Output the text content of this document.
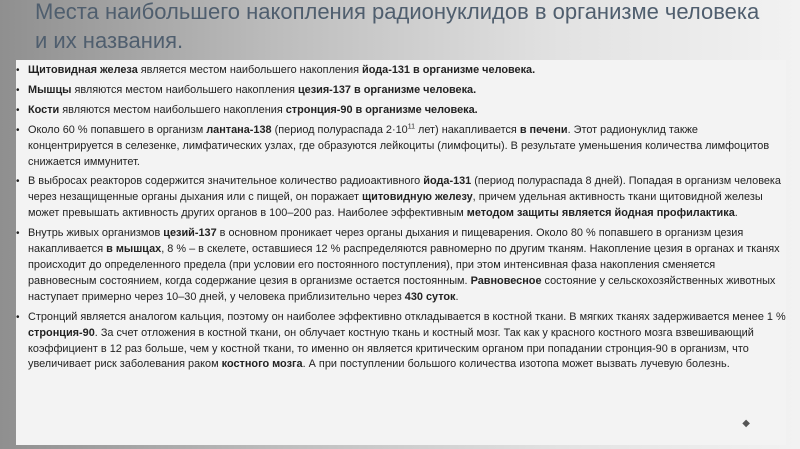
Места наибольшего накопления радионуклидов в организме человека и их названия.
• Щитовидная железа является местом наибольшего накопления йода-131 в организме человека.
• Мышцы являются местом наибольшего накопления цезия-137 в организме человека.
• Кости являются местом наибольшего накопления стронция-90 в организме человека.
• Около 60 % попавшего в организм лантана-138 (период полураспада $2\cdot 10^{11}$ лет) накапливается в печени. Этот радионуклид также концентрируется в селезенке, лимфатических узлах, где образуются лейкоциты (лимфоциты). В результате уменьшения количества лимфоцитов снижается иммунитет.
• В выбросах реакторов содержится значительное количество радиоактивного йода-131 (период полураспада 8 дней). Попадая в организм человека через незащищенные органы дыхания или с пищей, он поражает щитовидную железу, причем удельная активность ткани щитовидной железы может превышать активность других органов в 100–200 раз. Наиболее эффективным методом защиты является йодная профилактика.
• Внутрь живых организмов цезий-137 в основном проникает через органы дыхания и пищеварения. Около 80 % попавшего в организм цезия накапливается в мышцах, 8 % – в скелете, оставшиеся 12 % распределяются равномерно по другим тканям. Накопление цезия в органах и тканях происходит до определенного предела (при условии его постоянного поступления), при этом интенсивная фаза накопления сменяется равновесным состоянием, когда содержание цезия в организме остается постоянным. Равновесное состояние у сельскохозяйственных животных наступает примерно через 10–30 дней, у человека приблизительно через 430 суток.
• Стронций является аналогом кальция, поэтому он наиболее эффективно откладывается в костной ткани. В мягких тканях задерживается менее 1 % стронция-90. За счет отложения в костной ткани, он облучает костную ткань и костный мозг. Так как у красного костного мозга взвешивающий коэффициент в 12 раз больше, чем у костной ткани, то именно он является критическим органом при попадании стронция-90 в организм, что увеличивает риск заболевания раком костного мозга. А при поступлении большого количества изотопа может вызвать лучевую болезнь.
◆
